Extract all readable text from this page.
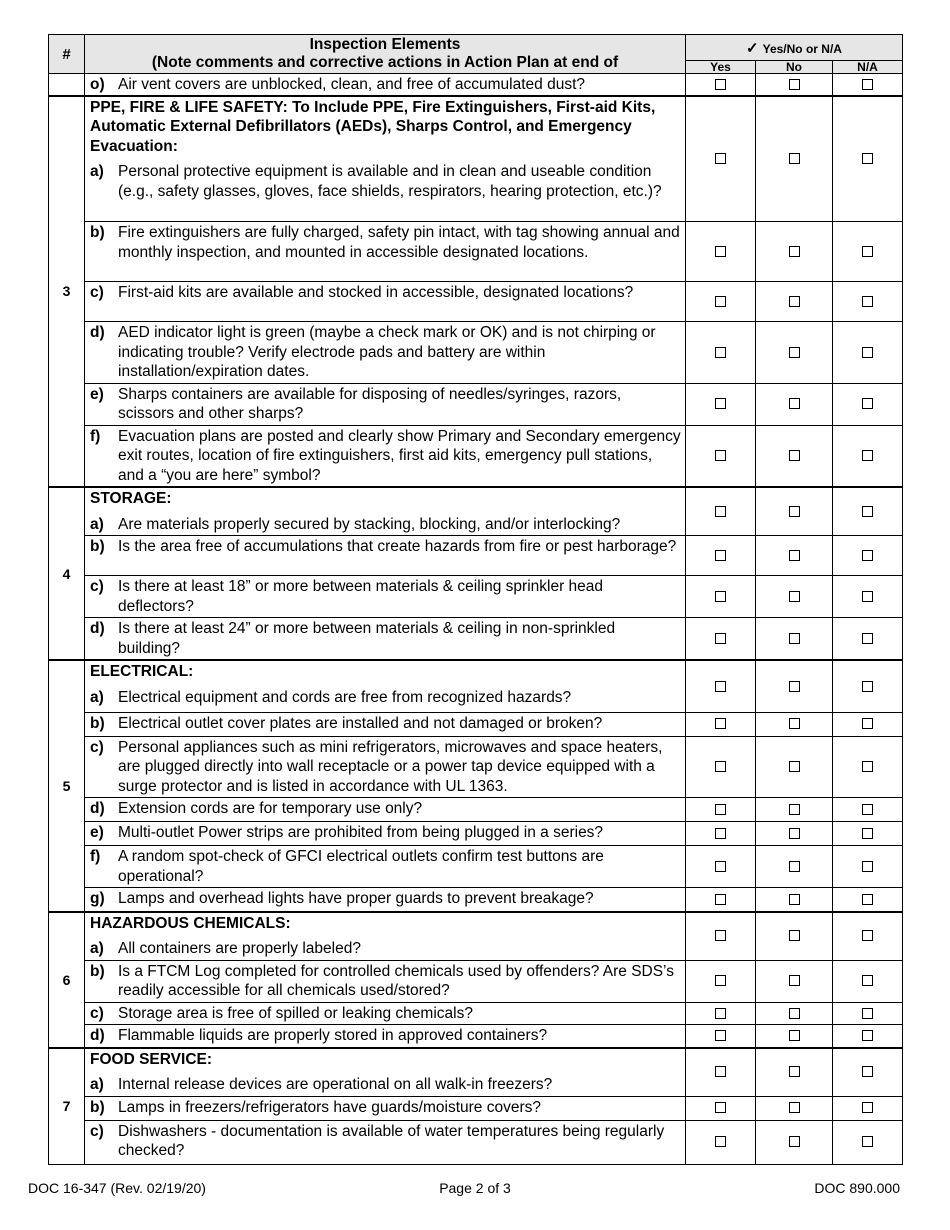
#	Inspection Elements
(Note comments and corrective actions in Action Plan at end of	✓ Yes/No or N/A		
		Yes	No	N/A

	o) Air vent covers are unblocked, clean, and free of accumulated dust?			

3	PPE, FIRE & LIFE SAFETY: To Include PPE, Fire Extinguishers, First-aid Kits, Automatic External Defibrillators (AEDs), Sharps Control, and Emergency Evacuation:
a) Personal protective equipment is available and in clean and useable condition (e.g., safety glasses, gloves, face shields, respirators, hearing protection, etc.)?			

	b) Fire extinguishers are fully charged, safety pin intact, with tag showing annual and monthly inspection, and mounted in accessible designated locations.			

	c) First-aid kits are available and stocked in accessible, designated locations?			

	d) AED indicator light is green (maybe a check mark or OK) and is not chirping or indicating trouble? Verify electrode pads and battery are within installation/expiration dates.			

	e) Sharps containers are available for disposing of needles/syringes, razors, scissors and other sharps?			

	f) Evacuation plans are posted and clearly show Primary and Secondary emergency exit routes, location of fire extinguishers, first aid kits, emergency pull stations, and a “you are here” symbol?			

4	STORAGE:
a) Are materials properly secured by stacking, blocking, and/or interlocking?			

	b) Is the area free of accumulations that create hazards from fire or pest harborage?			

	c) Is there at least 18” or more between materials & ceiling sprinkler head deflectors?			

	d) Is there at least 24” or more between materials & ceiling in non-sprinkled building?			

5	ELECTRICAL:
a) Electrical equipment and cords are free from recognized hazards?			

	b) Electrical outlet cover plates are installed and not damaged or broken?			

	c) Personal appliances such as mini refrigerators, microwaves and space heaters, are plugged directly into wall receptacle or a power tap device equipped with a surge protector and is listed in accordance with UL 1363.			

	d) Extension cords are for temporary use only?			

	e) Multi-outlet Power strips are prohibited from being plugged in a series?			

	f) A random spot-check of GFCI electrical outlets confirm test buttons are operational?			

	g) Lamps and overhead lights have proper guards to prevent breakage?			

6	HAZARDOUS CHEMICALS:
a) All containers are properly labeled?			

	b) Is a FTCM Log completed for controlled chemicals used by offenders? Are SDS’s readily accessible for all chemicals used/stored?			

	c) Storage area is free of spilled or leaking chemicals?			

	d) Flammable liquids are properly stored in approved containers?			

7	FOOD SERVICE:
a) Internal release devices are operational on all walk-in freezers?			

	b) Lamps in freezers/refrigerators have guards/moisture covers?			

	c) Dishwashers - documentation is available of water temperatures being regularly checked?			

DOC 16-347 (Rev. 02/19/20)	Page 2 of 3	DOC 890.000
